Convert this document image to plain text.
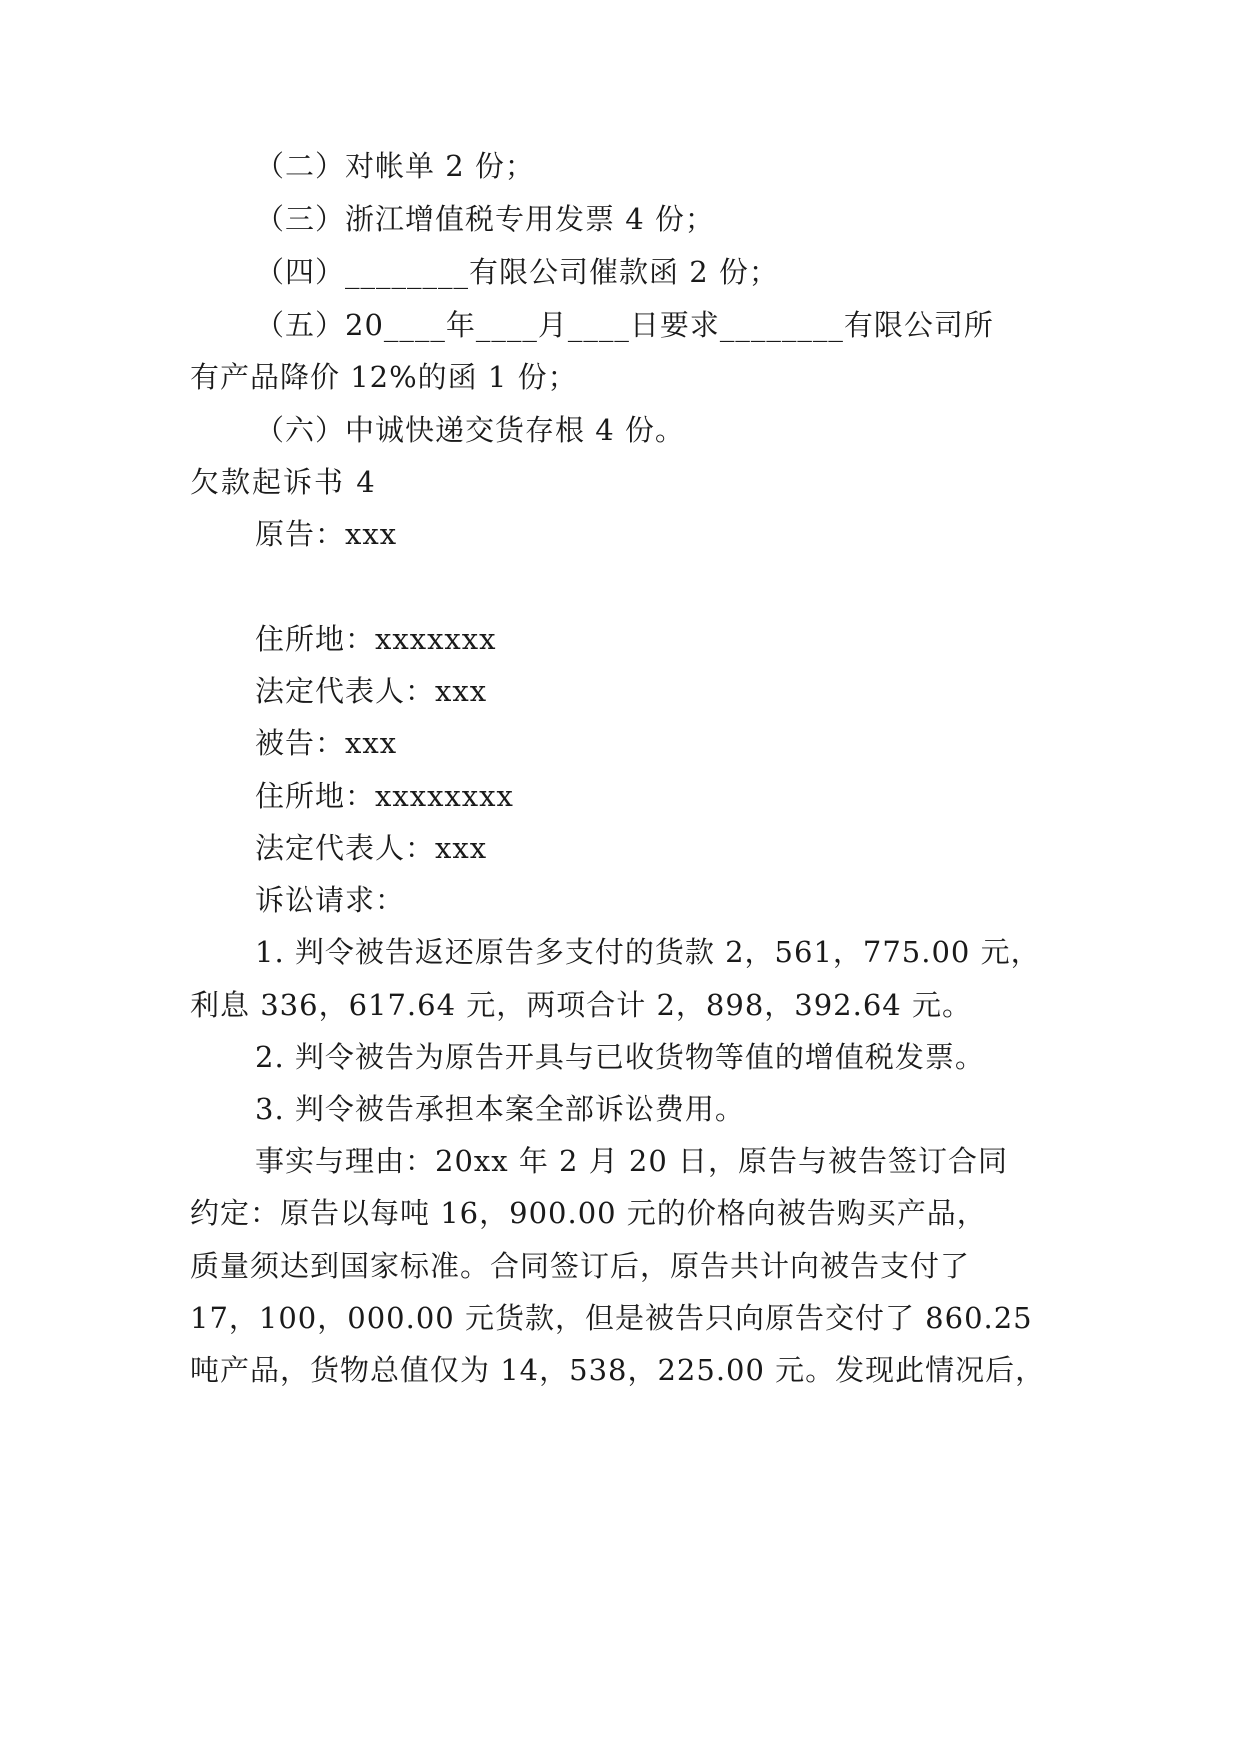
（二）对帐单 2 份；
（三）浙江增值税专用发票 4 份；
（四）________有限公司催款函 2 份；
（五）20____年____月____日要求________有限公司所
有产品降价 12%的函 1 份；
（六）中诚快递交货存根 4 份。
欠款起诉书 4
原告：xxx
住所地：xxxxxxx
法定代表人：xxx
被告：xxx
住所地：xxxxxxxx
法定代表人：xxx
诉讼请求：
1. 判令被告返还原告多支付的货款 2，561，775.00 元，
利息 336，617.64 元，两项合计 2，898，392.64 元。
2. 判令被告为原告开具与已收货物等值的增值税发票。
3. 判令被告承担本案全部诉讼费用。
事实与理由：20xx 年 2 月 20 日，原告与被告签订合同
约定：原告以每吨 16，900.00 元的价格向被告购买产品，
质量须达到国家标准。合同签订后，原告共计向被告支付了
17，100，000.00 元货款，但是被告只向原告交付了 860.25
吨产品，货物总值仅为 14，538，225.00 元。发现此情况后，
